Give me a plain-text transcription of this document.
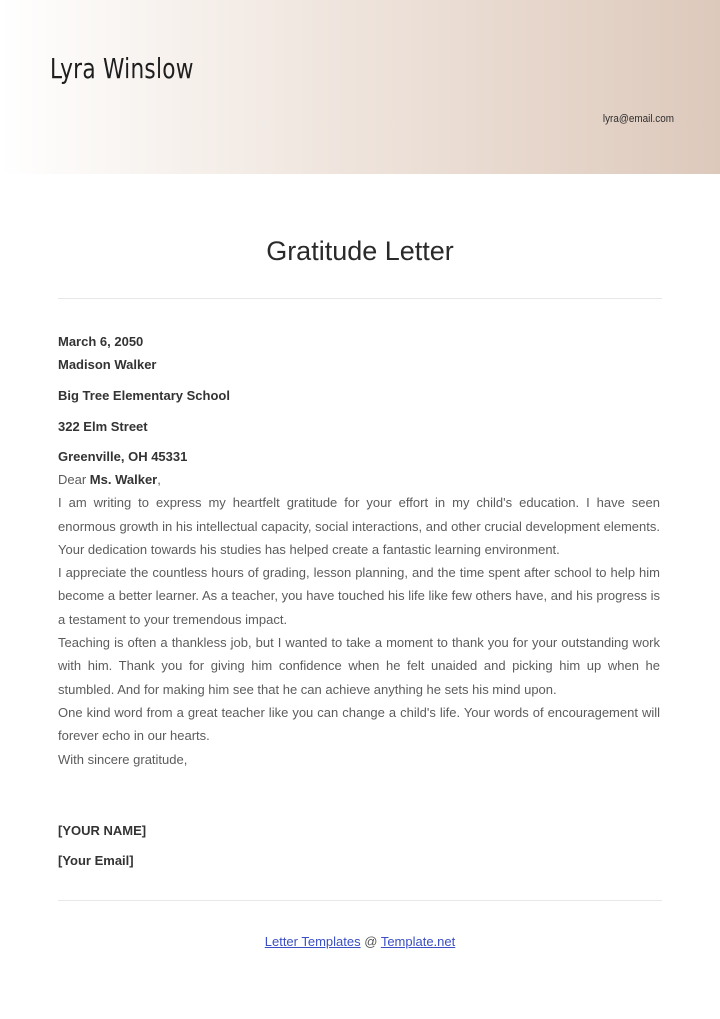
Lyra Winslow
lyra@email.com
Gratitude Letter
March 6, 2050
Madison Walker
Big Tree Elementary School
322 Elm Street
Greenville, OH 45331

Dear Ms. Walker,

I am writing to express my heartfelt gratitude for your effort in my child's education. I have seen enormous growth in his intellectual capacity, social interactions, and other crucial development elements. Your dedication towards his studies has helped create a fantastic learning environment.

I appreciate the countless hours of grading, lesson planning, and the time spent after school to help him become a better learner. As a teacher, you have touched his life like few others have, and his progress is a testament to your tremendous impact.

Teaching is often a thankless job, but I wanted to take a moment to thank you for your outstanding work with him. Thank you for giving him confidence when he felt unaided and picking him up when he stumbled. And for making him see that he can achieve anything he sets his mind upon.

One kind word from a great teacher like you can change a child's life. Your words of encouragement will forever echo in our hearts.

With sincere gratitude,

[YOUR NAME]
[Your Email]
Letter Templates @ Template.net
